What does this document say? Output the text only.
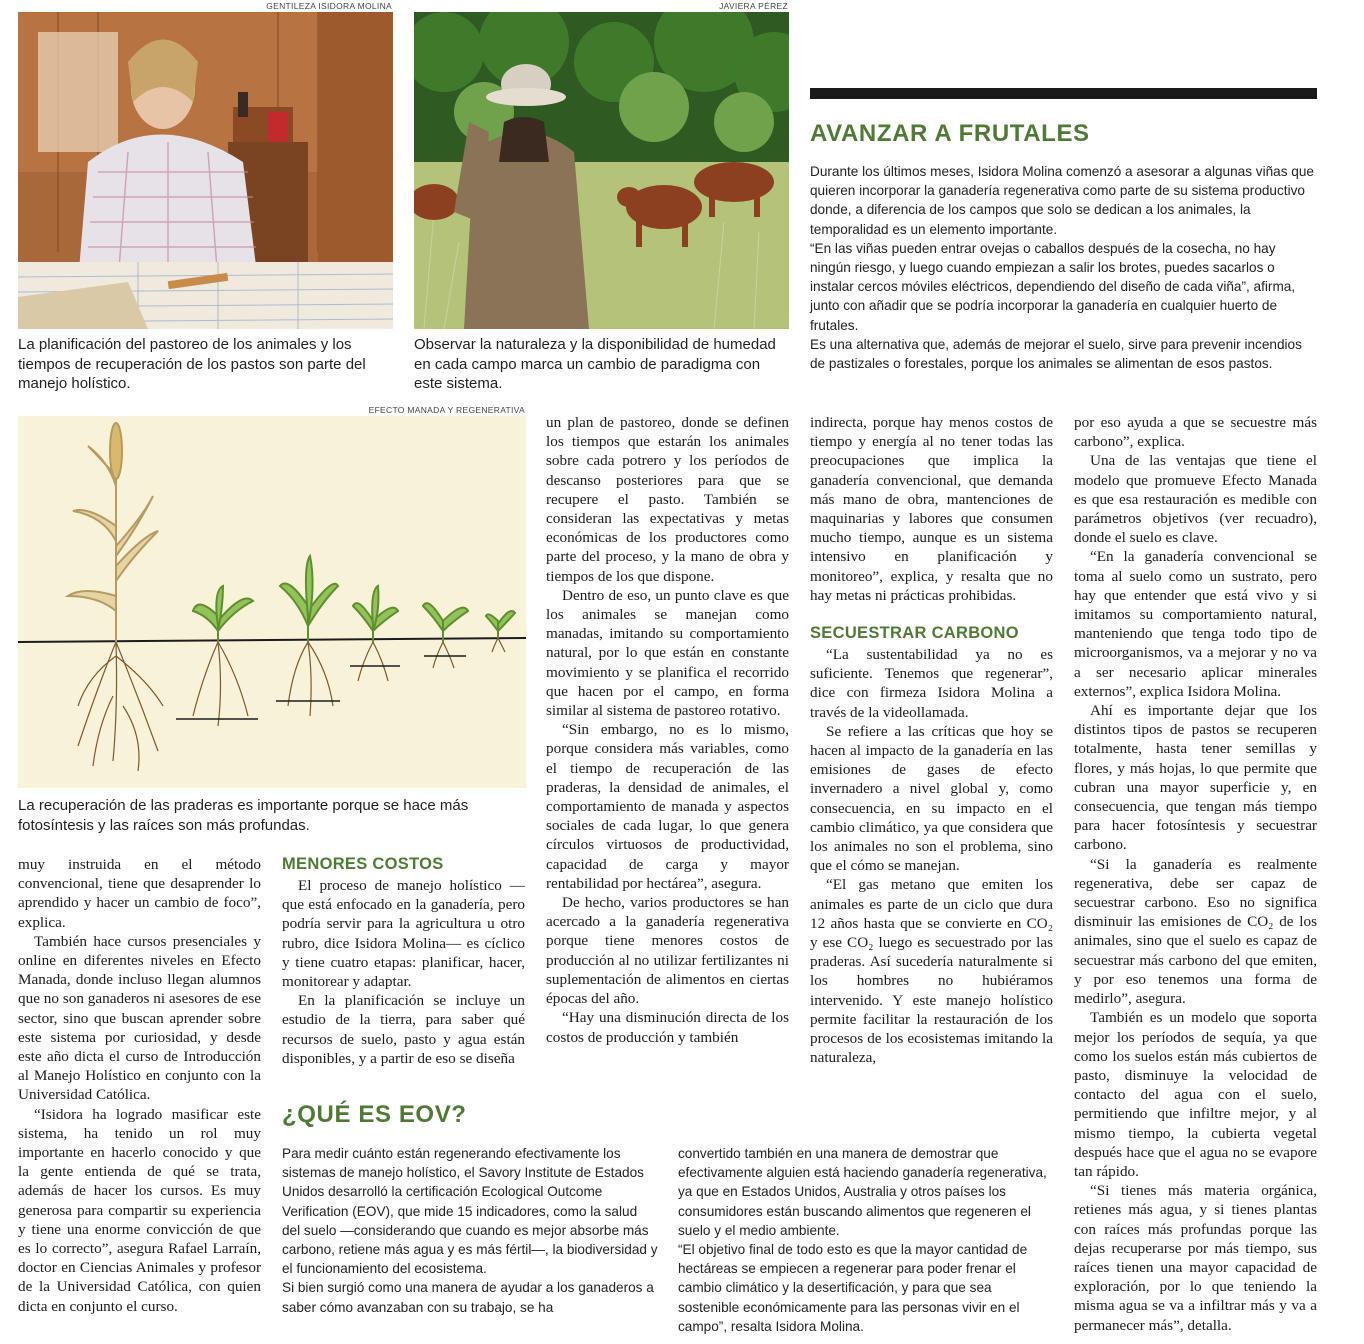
GENTILEZA ISIDORA MOLINA
La planificación del pastoreo de los animales y los tiempos de recuperación de los pastos son parte del manejo holístico.
JAVIERA PÉREZ
Observar la naturaleza y la disponibilidad de humedad en cada campo marca un cambio de paradigma con este sistema.
AVANZAR A FRUTALES

Durante los últimos meses, Isidora Molina comenzó a asesorar a algunas viñas que quieren incorporar la ganadería regenerativa como parte de su sistema productivo donde, a diferencia de los campos que solo se dedican a los animales, la temporalidad es un elemento importante.

“En las viñas pueden entrar ovejas o caballos después de la cosecha, no hay ningún riesgo, y luego cuando empiezan a salir los brotes, puedes sacarlos o instalar cercos móviles eléctricos, dependiendo del diseño de cada viña”, afirma, junto con añadir que se podría incorporar la ganadería en cualquier huerto de frutales.

Es una alternativa que, además de mejorar el suelo, sirve para prevenir incendios de pastizales o forestales, porque los animales se alimentan de esos pastos.

EFECTO MANADA Y REGENERATIVA
La recuperación de las praderas es importante porque se hace más fotosíntesis y las raíces son más profundas.

muy instruida en el método convencional, tiene que desaprender lo aprendido y hacer un cambio de foco”, explica.

También hace cursos presenciales y online en diferentes niveles en Efecto Manada, donde incluso llegan alumnos que no son ganaderos ni asesores de ese sector, sino que buscan aprender sobre este sistema por curiosidad, y desde este año dicta el curso de Introducción al Manejo Holístico en conjunto con la Universidad Católica.

“Isidora ha logrado masificar este sistema, ha tenido un rol muy importante en hacerlo conocido y que la gente entienda de qué se trata, además de hacer los cursos. Es muy generosa para compartir su experiencia y tiene una enorme convicción de que es lo correcto”, asegura Rafael Larraín, doctor en Ciencias Animales y profesor de la Universidad Católica, con quien dicta en conjunto el curso.

MENORES COSTOS

El proceso de manejo holístico —que está enfocado en la ganadería, pero podría servir para la agricultura u otro rubro, dice Isidora Molina— es cíclico y tiene cuatro etapas: planificar, hacer, monitorear y adaptar.

En la planificación se incluye un estudio de la tierra, para saber qué recursos de suelo, pasto y agua están disponibles, y a partir de eso se diseña

un plan de pastoreo, donde se definen los tiempos que estarán los animales sobre cada potrero y los períodos de descanso posteriores para que se recupere el pasto. También se consideran las expectativas y metas económicas de los productores como parte del proceso, y la mano de obra y tiempos de los que dispone.

Dentro de eso, un punto clave es que los animales se manejan como manadas, imitando su comportamiento natural, por lo que están en constante movimiento y se planifica el recorrido que hacen por el campo, en forma similar al sistema de pastoreo rotativo.

“Sin embargo, no es lo mismo, porque considera más variables, como el tiempo de recuperación de las praderas, la densidad de animales, el comportamiento de manada y aspectos sociales de cada lugar, lo que genera círculos virtuosos de productividad, capacidad de carga y mayor rentabilidad por hectárea”, asegura.

De hecho, varios productores se han acercado a la ganadería regenerativa porque tiene menores costos de producción al no utilizar fertilizantes ni suplementación de alimentos en ciertas épocas del año.

“Hay una disminución directa de los costos de producción y también

indirecta, porque hay menos costos de tiempo y energía al no tener todas las preocupaciones que implica la ganadería convencional, que demanda más mano de obra, mantenciones de maquinarias y labores que consumen mucho tiempo, aunque es un sistema intensivo en planificación y monitoreo”, explica, y resalta que no hay metas ni prácticas prohibidas.

SECUESTRAR CARBONO

“La sustentabilidad ya no es suficiente. Tenemos que regenerar”, dice con firmeza Isidora Molina a través de la videollamada.

Se refiere a las críticas que hoy se hacen al impacto de la ganadería en las emisiones de gases de efecto invernadero a nivel global y, como consecuencia, en su impacto en el cambio climático, ya que considera que los animales no son el problema, sino que el cómo se manejan.

“El gas metano que emiten los animales es parte de un ciclo que dura 12 años hasta que se convierte en CO₂ y ese CO₂ luego es secuestrado por las praderas. Así sucedería naturalmente si los hombres no hubiéramos intervenido. Y este manejo holístico permite facilitar la restauración de los procesos de los ecosistemas imitando la naturaleza,

por eso ayuda a que se secuestre más carbono”, explica.

Una de las ventajas que tiene el modelo que promueve Efecto Manada es que esa restauración es medible con parámetros objetivos (ver recuadro), donde el suelo es clave.

“En la ganadería convencional se toma al suelo como un sustrato, pero hay que entender que está vivo y si imitamos su comportamiento natural, manteniendo que tenga todo tipo de microorganismos, va a mejorar y no va a ser necesario aplicar minerales externos”, explica Isidora Molina.

Ahí es importante dejar que los distintos tipos de pastos se recuperen totalmente, hasta tener semillas y flores, y más hojas, lo que permite que cubran una mayor superficie y, en consecuencia, que tengan más tiempo para hacer fotosíntesis y secuestrar carbono.

“Si la ganadería es realmente regenerativa, debe ser capaz de secuestrar carbono. Eso no significa disminuir las emisiones de CO₂ de los animales, sino que el suelo es capaz de secuestrar más carbono del que emiten, y por eso tenemos una forma de medirlo”, asegura.

También es un modelo que soporta mejor los períodos de sequía, ya que como los suelos están más cubiertos de pasto, disminuye la velocidad de contacto del agua con el suelo, permitiendo que infiltre mejor, y al mismo tiempo, la cubierta vegetal después hace que el agua no se evapore tan rápido.

“Si tienes más materia orgánica, retienes más agua, y si tienes plantas con raíces más profundas porque las dejas recuperarse por más tiempo, sus raíces tienen una mayor capacidad de exploración, por lo que teniendo la misma agua se va a infiltrar más y va a permanecer más”, detalla.

¿QUÉ ES EOV?

Para medir cuánto están regenerando efectivamente los sistemas de manejo holístico, el Savory Institute de Estados Unidos desarrolló la certificación Ecological Outcome Verification (EOV), que mide 15 indicadores, como la salud del suelo —considerando que cuando es mejor absorbe más carbono, retiene más agua y es más fértil—, la biodiversidad y el funcionamiento del ecosistema.

Si bien surgió como una manera de ayudar a los ganaderos a saber cómo avanzaban con su trabajo, se ha

convertido también en una manera de demostrar que efectivamente alguien está haciendo ganadería regenerativa, ya que en Estados Unidos, Australia y otros países los consumidores están buscando alimentos que regeneren el suelo y el medio ambiente.

“El objetivo final de todo esto es que la mayor cantidad de hectáreas se empiecen a regenerar para poder frenar el cambio climático y la desertificación, y para que sea sostenible económicamente para las personas vivir en el campo”, resalta Isidora Molina.
